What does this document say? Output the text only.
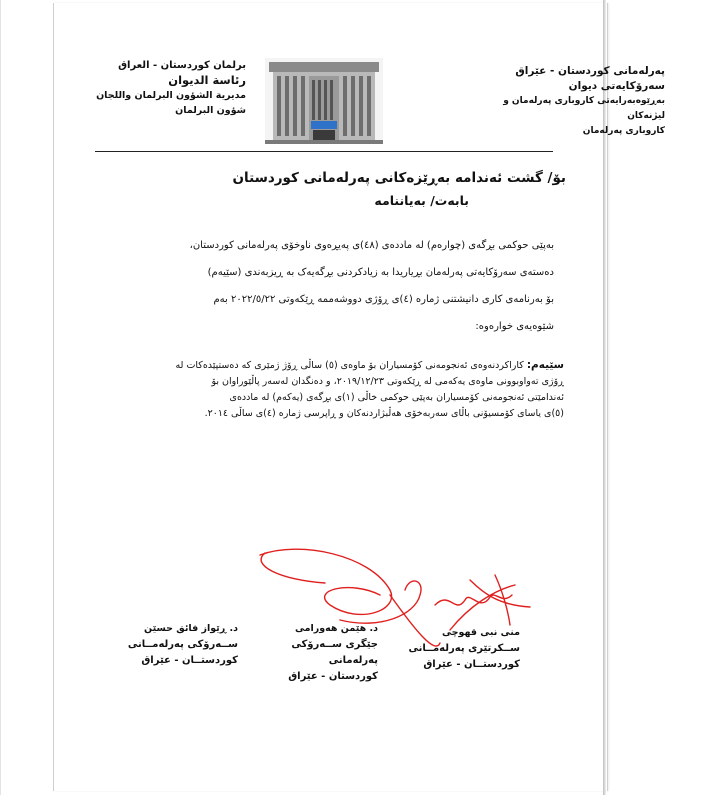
پەرلەمانی کوردستان - عێراق
سەرۆکایەتی دیوان
بەڕێوەبەرایەتی کاروباری پەرلەمان و لیژنەکان
کاروباری پەرلەمان
برلمان كوردستان - العراق
رئاسة الديوان
مديرية الشؤون البرلمان واللجان
شؤون البرلمان
بۆ/ گشت ئەندامە بەڕێزەکانی پەرلەمانی کوردستان
بابەت/ بەیاننامە
بەپێی حوکمی بڕگەی (چوارەم) لە ماددەی (٤٨)ی پەیڕەوی ناوخۆی پەرلەمانی کوردستان،
دەستەی سەرۆکایەتی پەرلەمان بڕیاریدا بە زیادکردنی بڕگەیەک بە ڕیزبەندی (سێیەم)
بۆ بەرنامەی کاری دانیشتنی ژمارە (٤)ی ڕۆژی دووشەممە ڕێکەوتی ٢٠٢٢/٥/٢٢ بەم
شێوەیەی خوارەوە:
سێیەم: کاراکردنەوەی ئەنجومەنی کۆمسیاران بۆ ماوەی (٥) ساڵی ڕۆژ ژمێری کە دەستپێدەکات لە
ڕۆژی تەواوبوونی ماوەی یەکەمی لە ڕێکەوتی ٢٠١٩/١٢/٢٣، و دەنگدان لەسەر پاڵێوراوان بۆ
ئەندامێتی ئەنجومەنی کۆمسیاران بەپێی حوکمی خاڵی (١)ی بڕگەی (یەکەم) لە ماددەی
(٥)ی یاسای کۆمسیۆنی باڵای سەربەخۆی هەڵبژاردنەکان و ڕاپرسی ژمارە (٤)ی ساڵی ٢٠١٤.
د. ڕێواز فائق حسێن
ســەرۆکی پەرلەمــانی
کوردستــان - عێراق
د. هێمن هەورامی
جێگری ســەرۆکی پەرلەمانی
کوردستان - عێراق
منى نبى قهوچى
ســکرتێری پەرلەمــانی
کوردستــان - عێراق
